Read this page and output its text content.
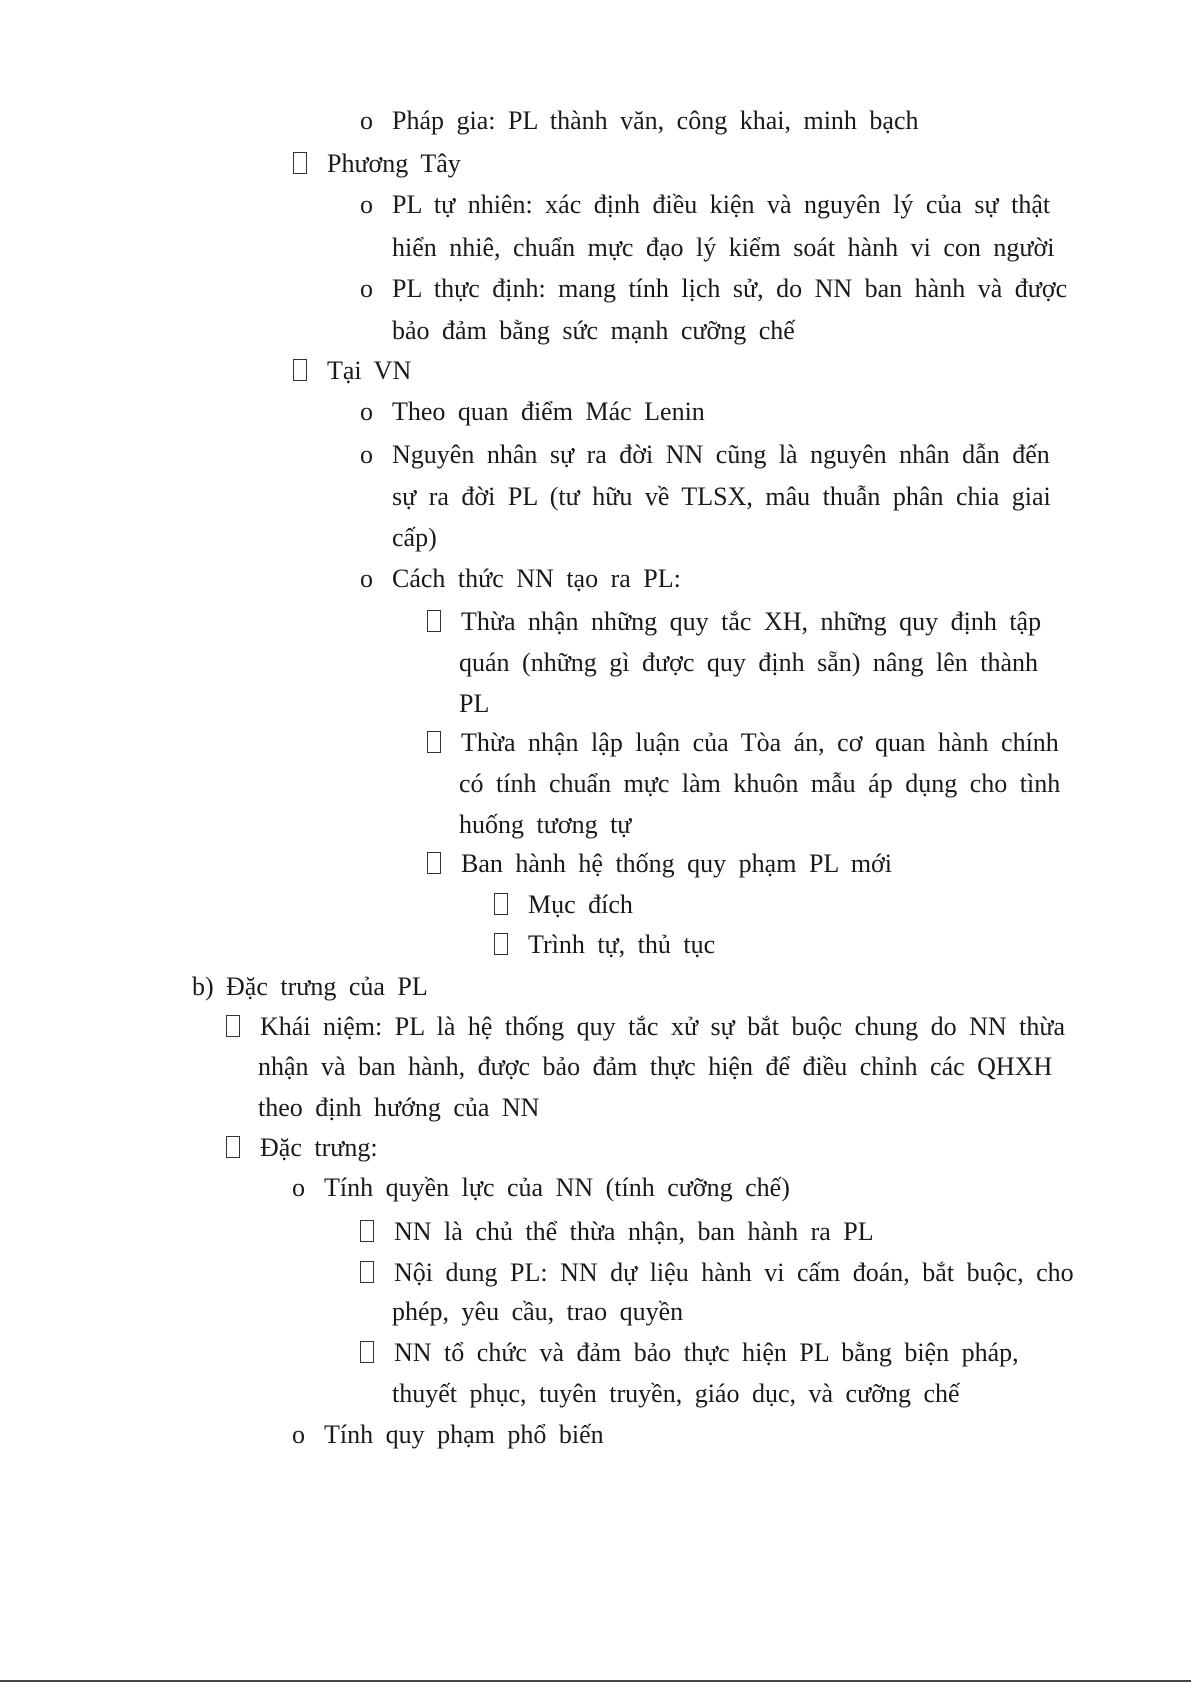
o Pháp gia: PL thành văn, công khai, minh bạch
Phương Tây
o PL tự nhiên: xác định điều kiện và nguyên lý của sự thật
hiển nhiê, chuẩn mực đạo lý kiểm soát hành vi con người
o PL thực định: mang tính lịch sử, do NN ban hành và được
bảo đảm bằng sức mạnh cưỡng chế
Tại VN
o Theo quan điểm Mác Lenin
o Nguyên nhân sự ra đời NN cũng là nguyên nhân dẫn đến
sự ra đời PL (tư hữu về TLSX, mâu thuẫn phân chia giai
cấp)
o Cách thức NN tạo ra PL:
Thừa nhận những quy tắc XH, những quy định tập
quán (những gì được quy định sẵn) nâng lên thành
PL
Thừa nhận lập luận của Tòa án, cơ quan hành chính
có tính chuẩn mực làm khuôn mẫu áp dụng cho tình
huống tương tự
Ban hành hệ thống quy phạm PL mới
Mục đích
Trình tự, thủ tục
b) Đặc trưng của PL
Khái niệm: PL là hệ thống quy tắc xử sự bắt buộc chung do NN thừa
nhận và ban hành, được bảo đảm thực hiện để điều chỉnh các QHXH
theo định hướng của NN
Đặc trưng:
o Tính quyền lực của NN (tính cưỡng chế)
NN là chủ thể thừa nhận, ban hành ra PL
Nội dung PL: NN dự liệu hành vi cấm đoán, bắt buộc, cho
phép, yêu cầu, trao quyền
NN tổ chức và đảm bảo thực hiện PL bằng biện pháp,
thuyết phục, tuyên truyền, giáo dục, và cưỡng chế
o Tính quy phạm phổ biến
